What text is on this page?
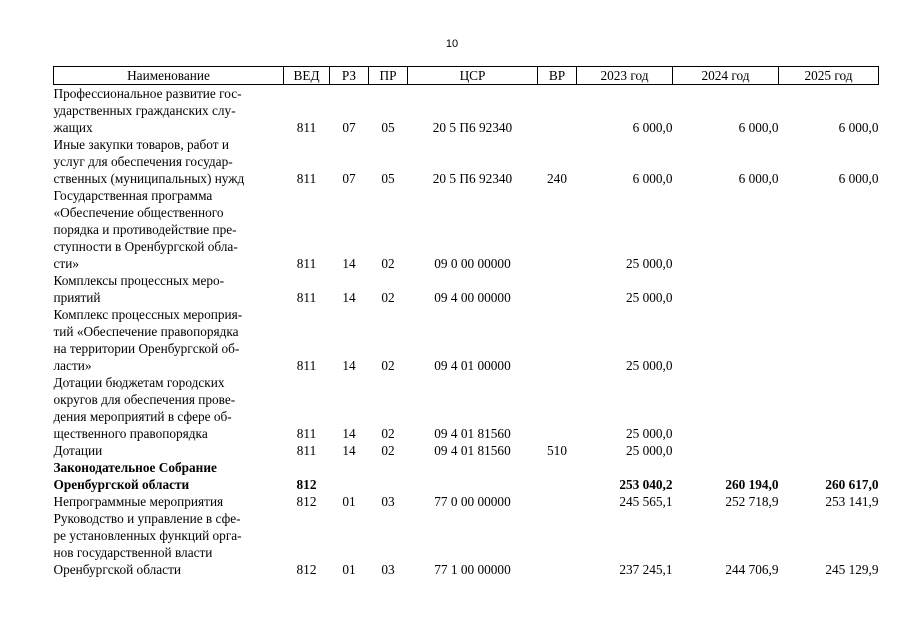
10
Наименование	ВЕД	РЗ	ПР	ЦСР	ВР	2023 год	2024 год	2025 год
Профессиональное развитие гос-
ударственных гражданских слу-
жащих	811	07	05	20 5 П6 92340		6 000,0	6 000,0	6 000,0
Иные закупки товаров, работ и
услуг для обеспечения государ-
ственных (муниципальных) нужд	811	07	05	20 5 П6 92340	240	6 000,0	6 000,0	6 000,0
Государственная программа
«Обеспечение общественного
порядка и противодействие пре-
ступности в Оренбургской обла-
сти»	811	14	02	09 0 00 00000		25 000,0		
Комплексы процессных меро-
приятий	811	14	02	09 4 00 00000		25 000,0		
Комплекс процессных мероприя-
тий «Обеспечение правопорядка
на территории Оренбургской об-
ласти»	811	14	02	09 4 01 00000		25 000,0		
Дотации бюджетам городских
округов для обеспечения прове-
дения мероприятий в сфере об-
щественного правопорядка	811	14	02	09 4 01 81560		25 000,0		
Дотации	811	14	02	09 4 01 81560	510	25 000,0		
Законодательное Собрание
Оренбургской области	812					253 040,2	260 194,0	260 617,0
Непрограммные мероприятия	812	01	03	77 0 00 00000		245 565,1	252 718,9	253 141,9
Руководство и управление в сфе-
ре установленных функций орга-
нов государственной власти
Оренбургской области	812	01	03	77 1 00 00000		237 245,1	244 706,9	245 129,9
